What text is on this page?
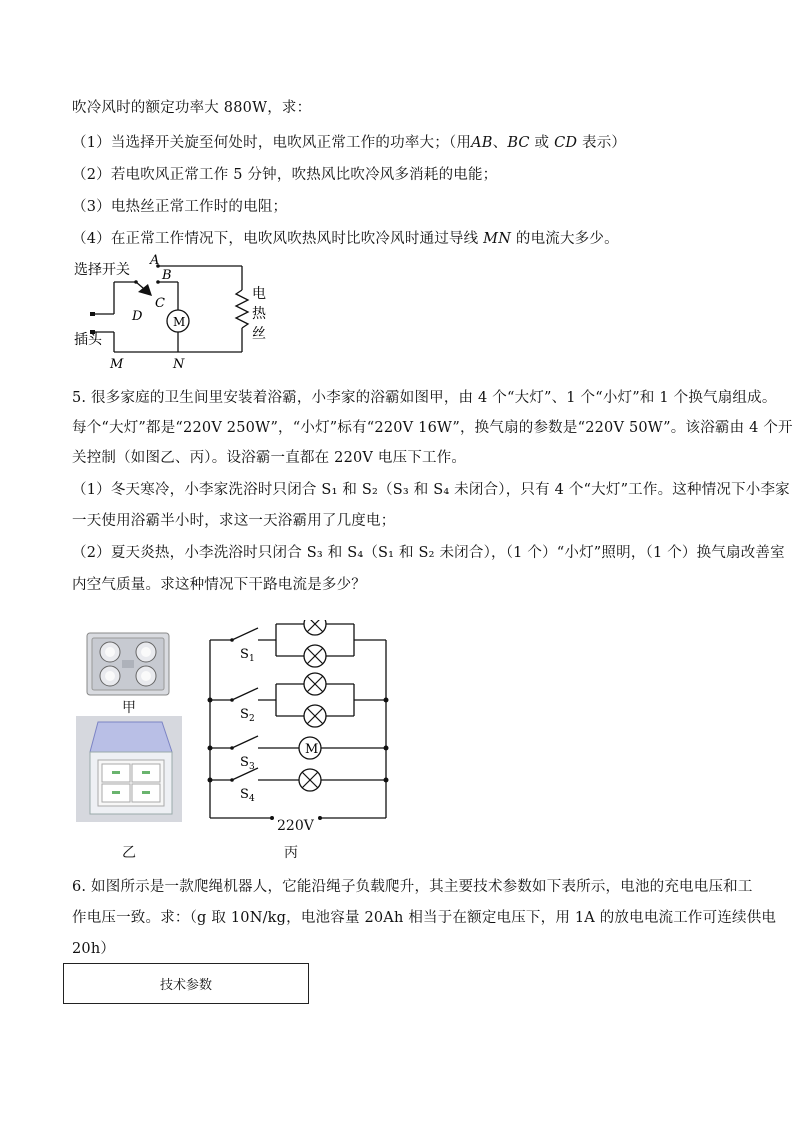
吹冷风时的额定功率大 880W，求：
（1）当选择开关旋至何处时，电吹风正常工作的功率大；（用AB、BC 或 CD 表示）
（2）若电吹风正常工作 5 分钟，吹热风比吹冷风多消耗的电能；
（3）电热丝正常工作时的电阻；
（4）在正常工作情况下，电吹风吹热风时比吹冷风时通过导线 MN 的电流大多少。
选择开关
A
B
C
D	M
插头
M	N
电
热
丝
5. 很多家庭的卫生间里安装着浴霸，小李家的浴霸如图甲，由 4 个“大灯”、1 个“小灯”和 1 个换气扇组成。
每个“大灯”都是“220V 250W”，“小灯”标有“220V 16W”，换气扇的参数是“220V 50W”。该浴霸由 4 个开
关控制（如图乙、丙）。设浴霸一直都在 220V 电压下工作。
（1）冬天寒冷，小李家洗浴时只闭合 S₁ 和 S₂（S₃ 和 S₄ 未闭合），只有 4 个“大灯”工作。这种情况下小李家
一天使用浴霸半小时，求这一天浴霸用了几度电；
（2）夏天炎热，小李洗浴时只闭合 S₃ 和 S₄（S₁ 和 S₂ 未闭合），（1 个）“小灯”照明，（1 个）换气扇改善室
内空气质量。求这种情况下干路电流是多少？
甲
乙
M
S 1
S 2
S 3
S 4
220V
丙
6. 如图所示是一款爬绳机器人，它能沿绳子负载爬升，其主要技术参数如下表所示，电池的充电电压和工
作电压一致。求：（g 取 10N/kg，电池容量 20Ah 相当于在额定电压下，用 1A 的放电电流工作可连续供电
20h）
技术参数
